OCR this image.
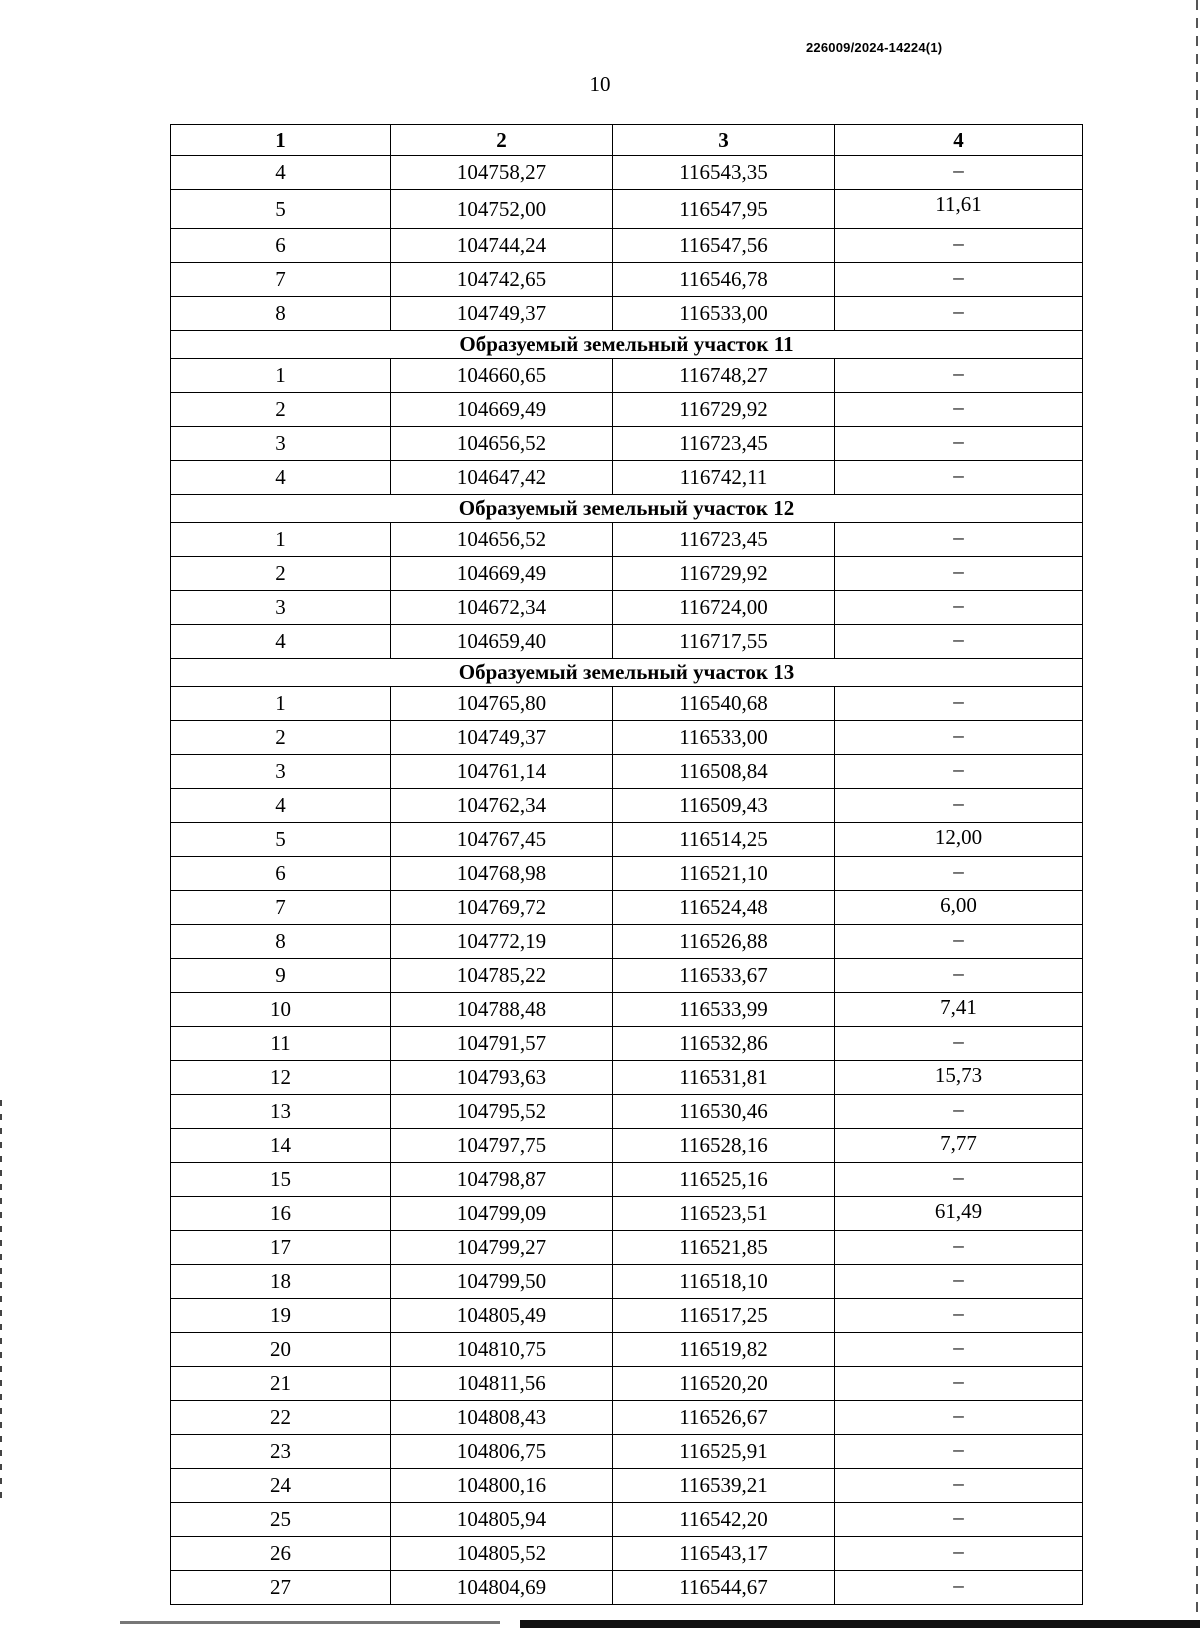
226009/2024-14224(1)
10
1	2	3	4
4	104758,27	116543,35	–
5	104752,00	116547,95	11,61
6	104744,24	116547,56	–
7	104742,65	116546,78	–
8	104749,37	116533,00	–
Образуемый земельный участок 11			
1	104660,65	116748,27	–
2	104669,49	116729,92	–
3	104656,52	116723,45	–
4	104647,42	116742,11	–
Образуемый земельный участок 12			
1	104656,52	116723,45	–
2	104669,49	116729,92	–
3	104672,34	116724,00	–
4	104659,40	116717,55	–
Образуемый земельный участок 13			
1	104765,80	116540,68	–
2	104749,37	116533,00	–
3	104761,14	116508,84	–
4	104762,34	116509,43	–
5	104767,45	116514,25	12,00
6	104768,98	116521,10	–
7	104769,72	116524,48	6,00
8	104772,19	116526,88	–
9	104785,22	116533,67	–
10	104788,48	116533,99	7,41
11	104791,57	116532,86	–
12	104793,63	116531,81	15,73
13	104795,52	116530,46	–
14	104797,75	116528,16	7,77
15	104798,87	116525,16	–
16	104799,09	116523,51	61,49
17	104799,27	116521,85	–
18	104799,50	116518,10	–
19	104805,49	116517,25	–
20	104810,75	116519,82	–
21	104811,56	116520,20	–
22	104808,43	116526,67	–
23	104806,75	116525,91	–
24	104800,16	116539,21	–
25	104805,94	116542,20	–
26	104805,52	116543,17	–
27	104804,69	116544,67	–
